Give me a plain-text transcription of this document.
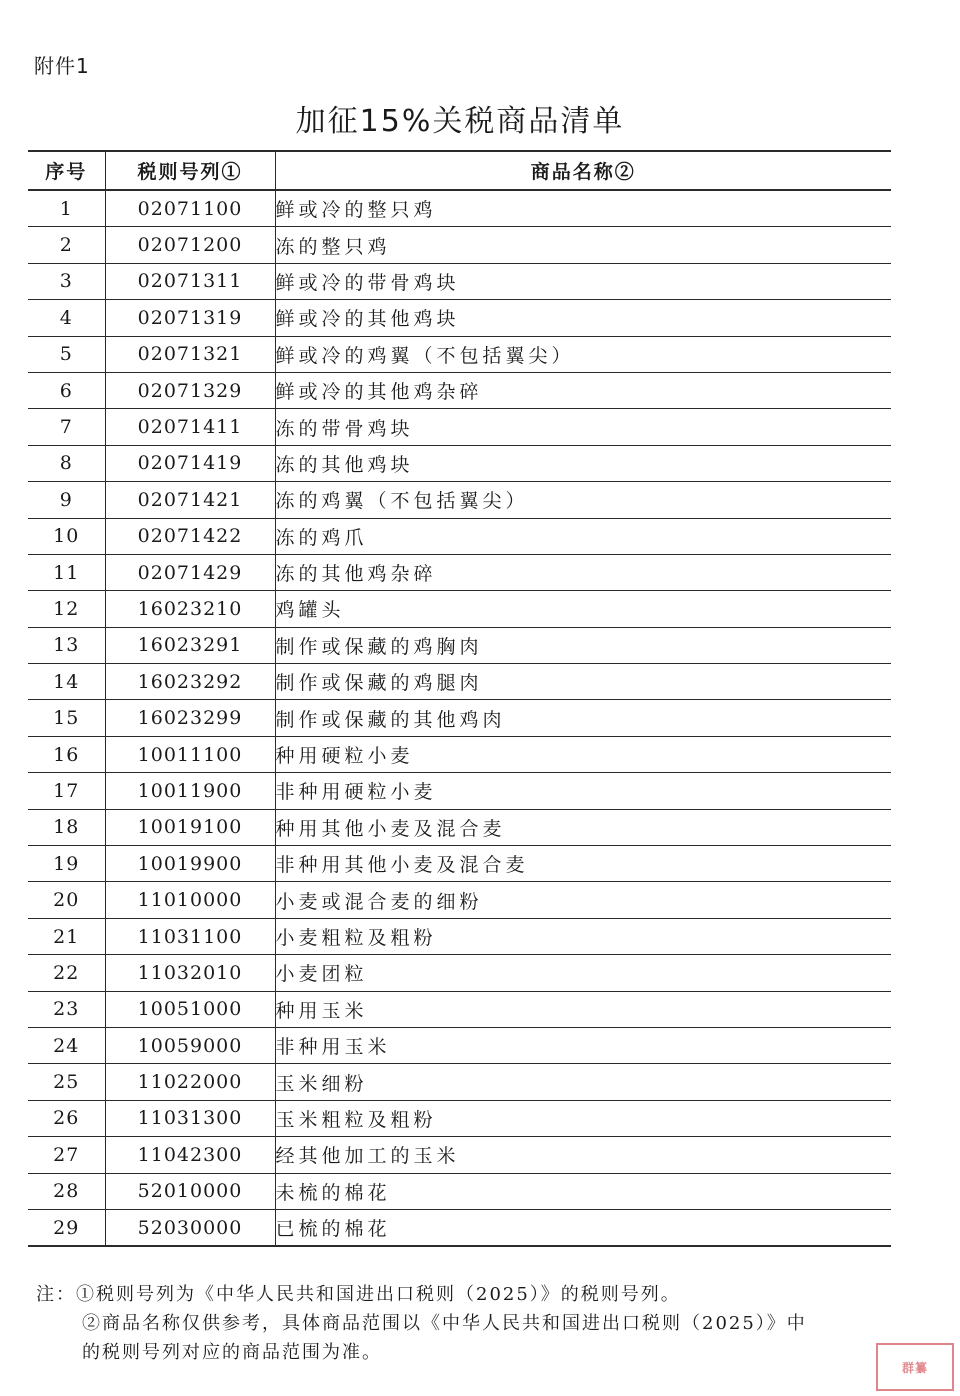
附件1
加征15%关税商品清单
序号	税则号列①	商品名称②
1	02071100	鲜或冷的整只鸡
2	02071200	冻的整只鸡
3	02071311	鲜或冷的带骨鸡块
4	02071319	鲜或冷的其他鸡块
5	02071321	鲜或冷的鸡翼（不包括翼尖）
6	02071329	鲜或冷的其他鸡杂碎
7	02071411	冻的带骨鸡块
8	02071419	冻的其他鸡块
9	02071421	冻的鸡翼（不包括翼尖）
10	02071422	冻的鸡爪
11	02071429	冻的其他鸡杂碎
12	16023210	鸡罐头
13	16023291	制作或保藏的鸡胸肉
14	16023292	制作或保藏的鸡腿肉
15	16023299	制作或保藏的其他鸡肉
16	10011100	种用硬粒小麦
17	10011900	非种用硬粒小麦
18	10019100	种用其他小麦及混合麦
19	10019900	非种用其他小麦及混合麦
20	11010000	小麦或混合麦的细粉
21	11031100	小麦粗粒及粗粉
22	11032010	小麦团粒
23	10051000	种用玉米
24	10059000	非种用玉米
25	11022000	玉米细粉
26	11031300	玉米粗粒及粗粉
27	11042300	经其他加工的玉米
28	52010000	未梳的棉花
29	52030000	已梳的棉花

注：①税则号列为《中华人民共和国进出口税则（2025）》的税则号列。

②商品名称仅供参考，具体商品范围以《中华人民共和国进出口税则（2025）》中

的税则号列对应的商品范围为准。

群纂
